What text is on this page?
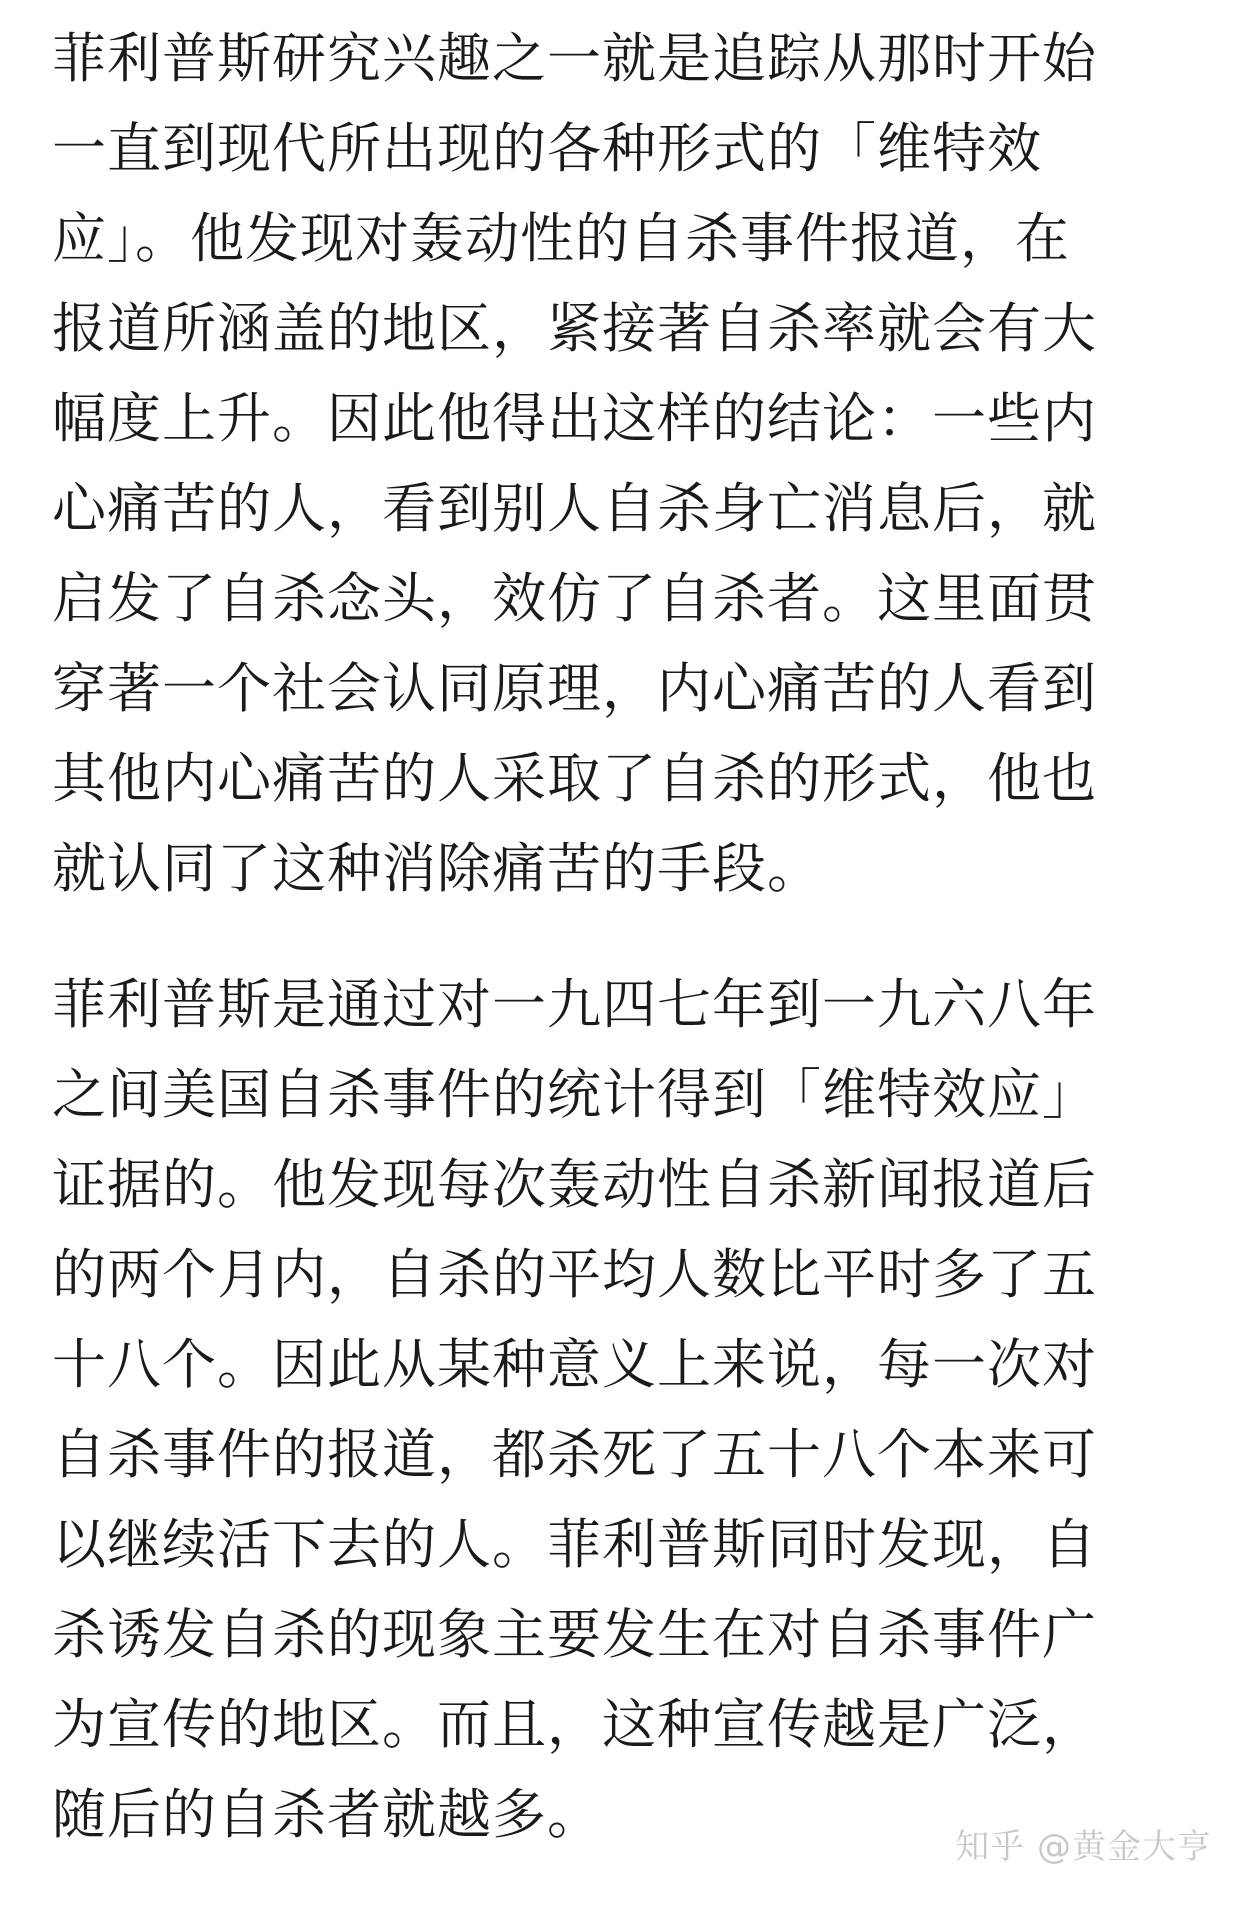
菲利普斯研究兴趣之一就是追踪从那时开始
一直到现代所出现的各种形式的「维特效
应」。他发现对轰动性的自杀事件报道，在
报道所涵盖的地区，紧接著自杀率就会有大
幅度上升。因此他得出这样的结论：一些内
心痛苦的人，看到别人自杀身亡消息后，就
启发了自杀念头，效仿了自杀者。这里面贯
穿著一个社会认同原理，内心痛苦的人看到
其他内心痛苦的人采取了自杀的形式，他也
就认同了这种消除痛苦的手段。
菲利普斯是通过对一九四七年到一九六八年
之间美国自杀事件的统计得到「维特效应」
证据的。他发现每次轰动性自杀新闻报道后
的两个月内，自杀的平均人数比平时多了五
十八个。因此从某种意义上来说，每一次对
自杀事件的报道，都杀死了五十八个本来可
以继续活下去的人。菲利普斯同时发现，自
杀诱发自杀的现象主要发生在对自杀事件广
为宣传的地区。而且，这种宣传越是广泛，
随后的自杀者就越多。
知乎 @黄金大亨
